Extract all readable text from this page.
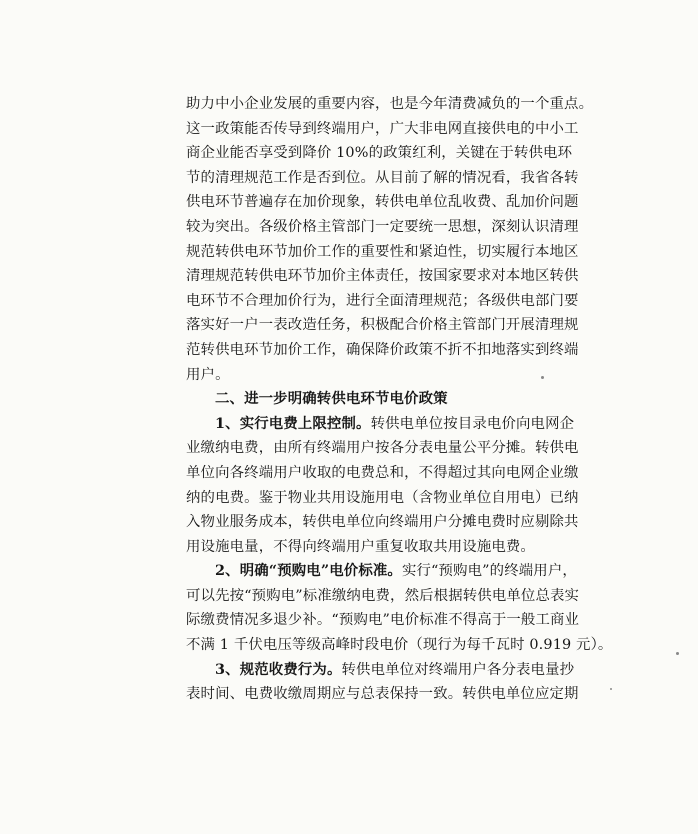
助力中小企业发展的重要内容，也是今年清费减负的一个重点。
这一政策能否传导到终端用户，广大非电网直接供电的中小工
商企业能否享受到降价 10%的政策红利，关键在于转供电环
节的清理规范工作是否到位。从目前了解的情况看，我省各转
供电环节普遍存在加价现象，转供电单位乱收费、乱加价问题
较为突出。各级价格主管部门一定要统一思想，深刻认识清理
规范转供电环节加价工作的重要性和紧迫性，切实履行本地区
清理规范转供电环节加价主体责任，按国家要求对本地区转供
电环节不合理加价行为，进行全面清理规范；各级供电部门要
落实好一户一表改造任务，积极配合价格主管部门开展清理规
范转供电环节加价工作，确保降价政策不折不扣地落实到终端
用户。
二、进一步明确转供电环节电价政策
1、实行电费上限控制。转供电单位按目录电价向电网企
业缴纳电费，由所有终端用户按各分表电量公平分摊。转供电
单位向各终端用户收取的电费总和，不得超过其向电网企业缴
纳的电费。鉴于物业共用设施用电（含物业单位自用电）已纳
入物业服务成本，转供电单位向终端用户分摊电费时应剔除共
用设施电量，不得向终端用户重复收取共用设施电费。
2、明确“预购电”电价标准。实行“预购电”的终端用户，
可以先按“预购电”标准缴纳电费，然后根据转供电单位总表实
际缴费情况多退少补。“预购电”电价标准不得高于一般工商业
不满 1 千伏电压等级高峰时段电价（现行为每千瓦时 0.919 元）。
3、规范收费行为。转供电单位对终端用户各分表电量抄
表时间、电费收缴周期应与总表保持一致。转供电单位应定期
